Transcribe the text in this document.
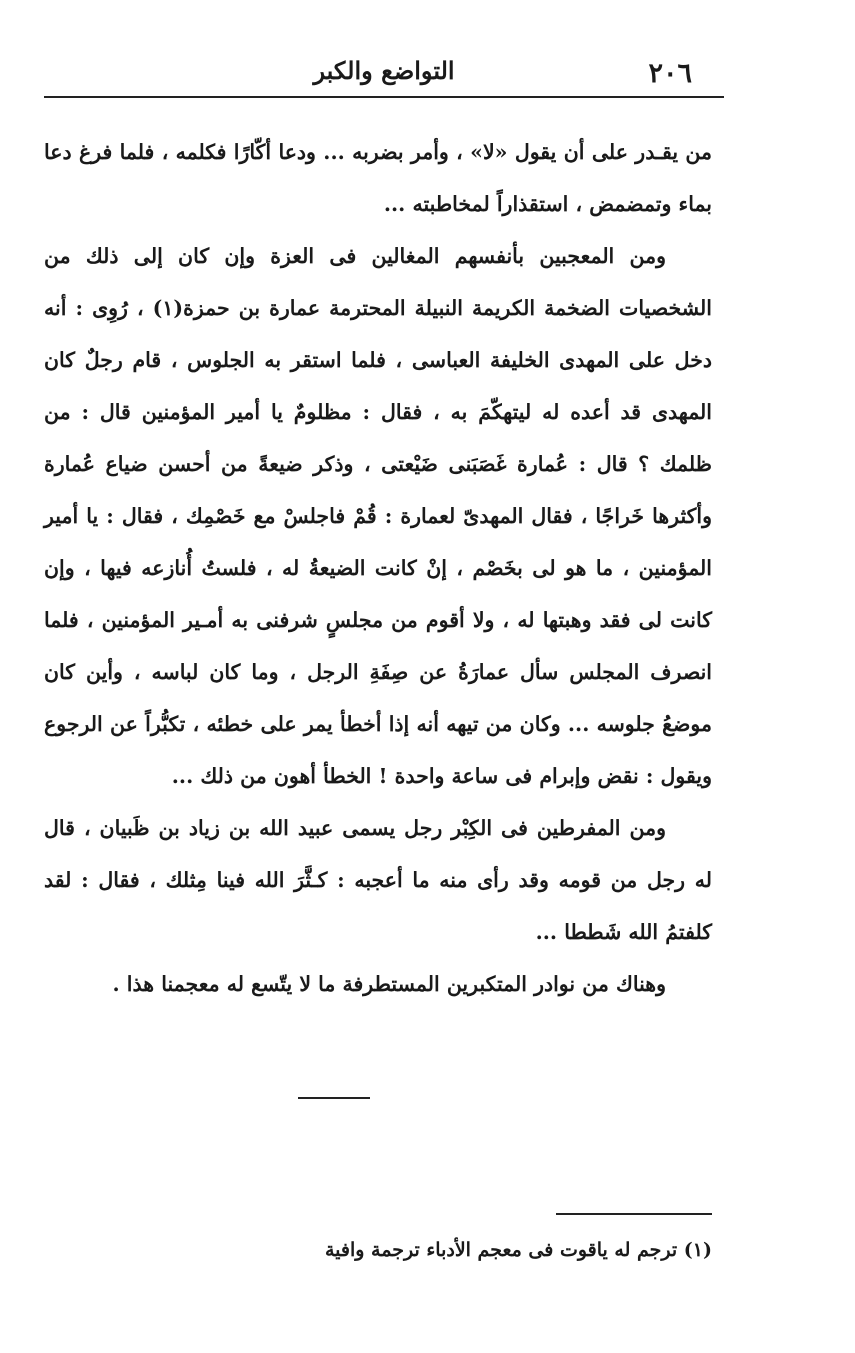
٢٠٦
التواضع والكبر

من يقـدر على أن يقول «لا» ، وأمر بضربه ... ودعا أكّارًا فكلمه ، فلما فرغ دعا بماء وتمضمض ، استقذاراً لمخاطبته ...

ومن المعجبين بأنفسهم المغالين فى العزة وإن كان إلى ذلك من الشخصيات الضخمة الكريمة النبيلة المحترمة عمارة بن حمزة(١) ، رُوِى : أنه دخل على المهدى الخليفة العباسى ، فلما استقر به الجلوس ، قام رجلٌ كان المهدى قد أعده له ليتهكّمَ به ، فقال : مظلومٌ يا أمير المؤمنين قال : من ظلمك ؟ قال : عُمارة غَصَبَنى ضَيْعتى ، وذكر ضيعةً من أحسن ضياع عُمارة وأكثرها خَراجًا ، فقال المهدىّ لعمارة : قُمْ فاجلسْ مع خَصْمِك ، فقال : يا أمير المؤمنين ، ما هو لى بخَصْم ، إنْ كانت الضيعةُ له ، فلستُ أُنازعه فيها ، وإن كانت لى فقد وهبتها له ، ولا أقوم من مجلسٍ شرفنى به أمـير المؤمنين ، فلما انصرف المجلس سأل عمارَةُ عن صِفَةِ الرجل ، وما كان لباسه ، وأين كان موضعُ جلوسه ... وكان من تيهه أنه إذا أخطأ يمر على خطئه ، تكبُّراً عن الرجوع ويقول : نقض وإبرام فى ساعة واحدة ! الخطأ أهون من ذلك ...

ومن المفرطين فى الكِبْر رجل يسمى عبيد الله بن زياد بن ظَبيان ، قال له رجل من قومه وقد رأى منه ما أعجبه : كـثَّرَ الله فينا مِثلك ، فقال : لقد كلفتمُ الله شَططا ...

وهناك من نوادر المتكبرين المستطرفة ما لا يتّسع له معجمنا هذا .

(١) ترجم له ياقوت فى معجم الأدباء ترجمة وافية
